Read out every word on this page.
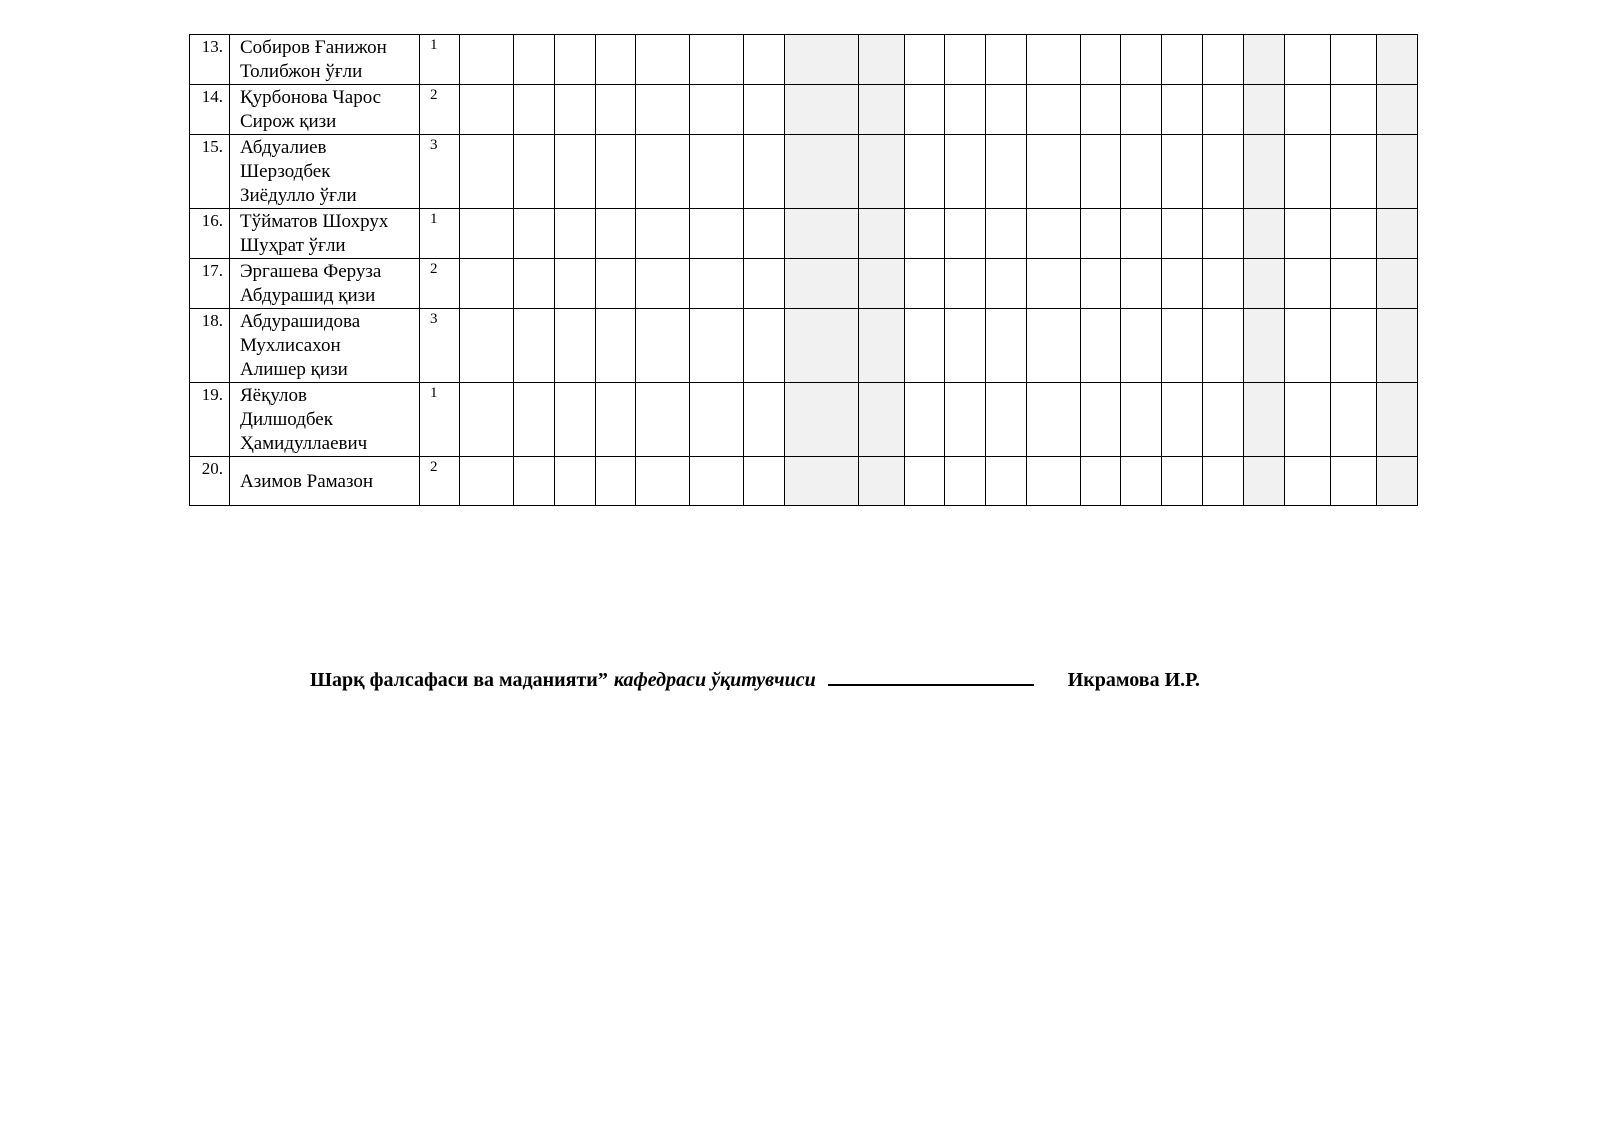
13.	Собиров Ғанижон
Толибжон ўғли	1																					
14.	Қурбонова Чарос
Сирож қизи	2																					
15.	Абдуалиев
Шерзодбек
Зиёдулло ўғли	3																					
16.	Тўйматов Шохрух
Шуҳрат ўғли	1																					
17.	Эргашева Феруза
Абдурашид қизи	2																					
18.	Абдурашидова
Мухлисахон
Алишер қизи	3																					
19.	Яёқулов
Дилшодбек
Ҳамидуллаевич	1																					
20.	Азимов Рамазон	2																					
Шарқ фалсафаси ва маданияти” кафедраси ўқитувчиси	Икрамова И.Р.
